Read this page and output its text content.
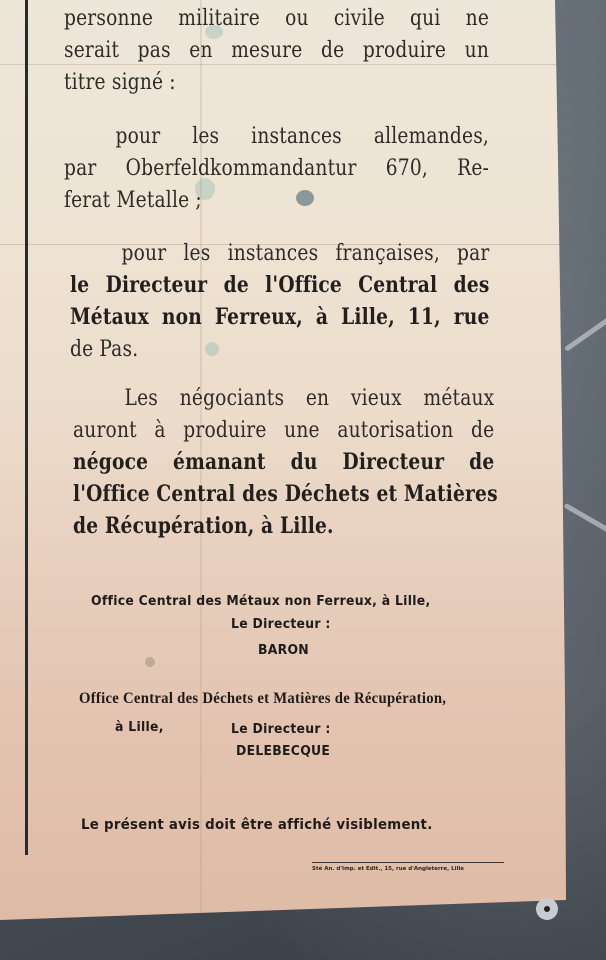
personne militaire ou civile qui ne
serait pas en mesure de produire un
titre signé :
pour les instances allemandes,
par Oberfeldkommandantur 670, Re-
ferat Metalle ;
pour les instances françaises, par
le Directeur de l'Office Central des
Métaux non Ferreux, à Lille, 11, rue
de Pas.
Les négociants en vieux métaux
auront à produire une autorisation de
négoce émanant du Directeur de
l'Office Central des Déchets et Matières
de Récupération, à Lille.
Office Central des Métaux non Ferreux, à Lille,
Le Directeur :
BARON
Office Central des Déchets et Matières de Récupération,
à Lille,	Le Directeur :
DELEBECQUE
Le présent avis doit être affiché visiblement.
Sté An. d'Imp. et Edit., 15, rue d'Angleterre, Lille
